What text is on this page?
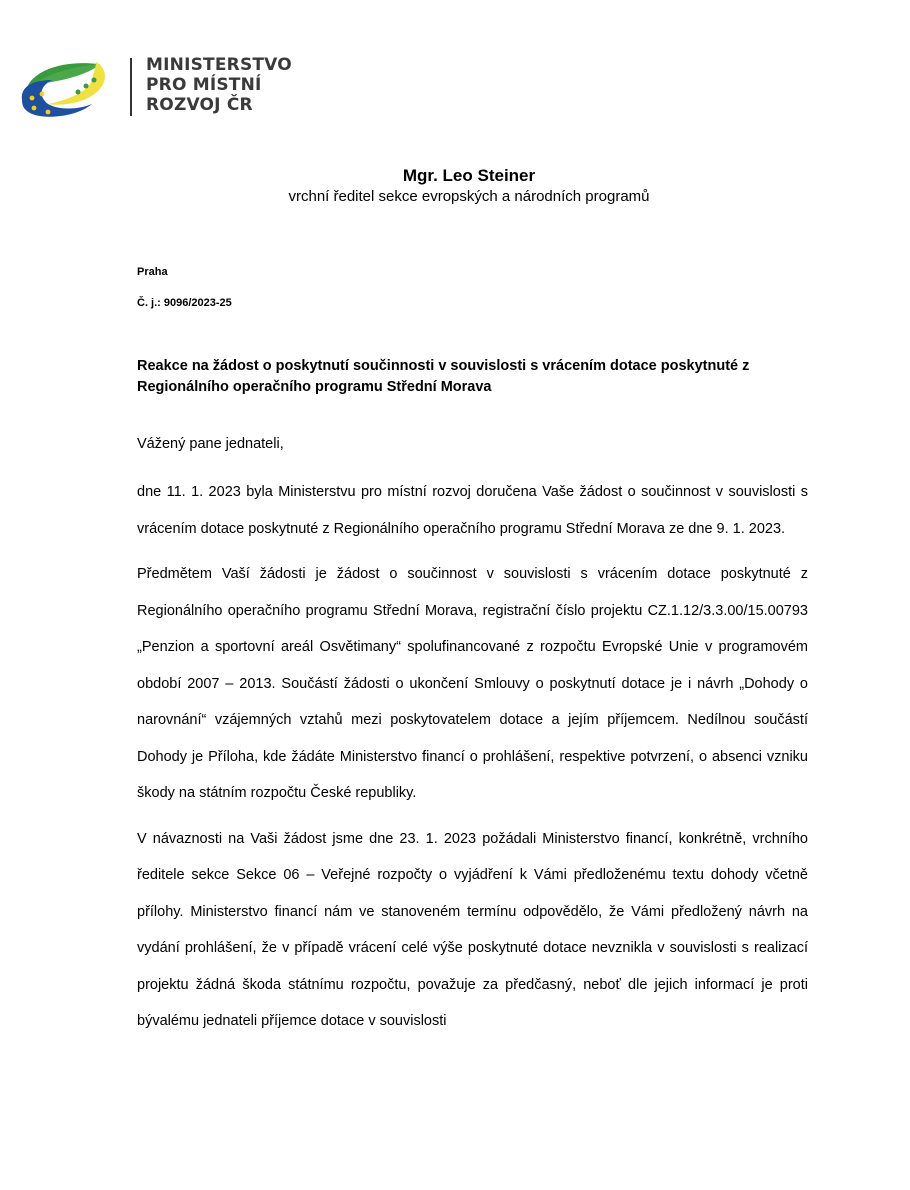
MINISTERSTVO
PRO MÍSTNÍ
ROZVOJ ČR
Mgr. Leo Steiner
vrchní ředitel sekce evropských a národních programů
Praha
Č. j.: 9096/2023-25
Reakce na žádost o poskytnutí součinnosti v souvislosti s vrácením dotace poskytnuté z Regionálního operačního programu Střední Morava
Vážený pane jednateli,

dne 11. 1. 2023 byla Ministerstvu pro místní rozvoj doručena Vaše žádost o součinnost v souvislosti s vrácením dotace poskytnuté z Regionálního operačního programu Střední Morava ze dne 9. 1. 2023.

Předmětem Vaší žádosti je žádost o součinnost v souvislosti s vrácením dotace poskytnuté z Regionálního operačního programu Střední Morava, registrační číslo projektu CZ.1.12/3.3.00/15.00793 „Penzion a sportovní areál Osvětimany“ spolufinancované z rozpočtu Evropské Unie v programovém období 2007 – 2013. Součástí žádosti o ukončení Smlouvy o poskytnutí dotace je i návrh „Dohody o narovnání“ vzájemných vztahů mezi poskytovatelem dotace a jejím příjemcem. Nedílnou součástí Dohody je Příloha, kde žádáte Ministerstvo financí o prohlášení, respektive potvrzení, o absenci vzniku škody na státním rozpočtu České republiky.

V návaznosti na Vaši žádost jsme dne 23. 1. 2023 požádali Ministerstvo financí, konkrétně, vrchního ředitele sekce Sekce 06 – Veřejné rozpočty o vyjádření k Vámi předloženému textu dohody včetně přílohy. Ministerstvo financí nám ve stanoveném termínu odpovědělo, že Vámi předložený návrh na vydání prohlášení, že v případě vrácení celé výše poskytnuté dotace nevznikla v souvislosti s realizací projektu žádná škoda státnímu rozpočtu, považuje za předčasný, neboť dle jejich informací je proti bývalému jednateli příjemce dotace v souvislosti
